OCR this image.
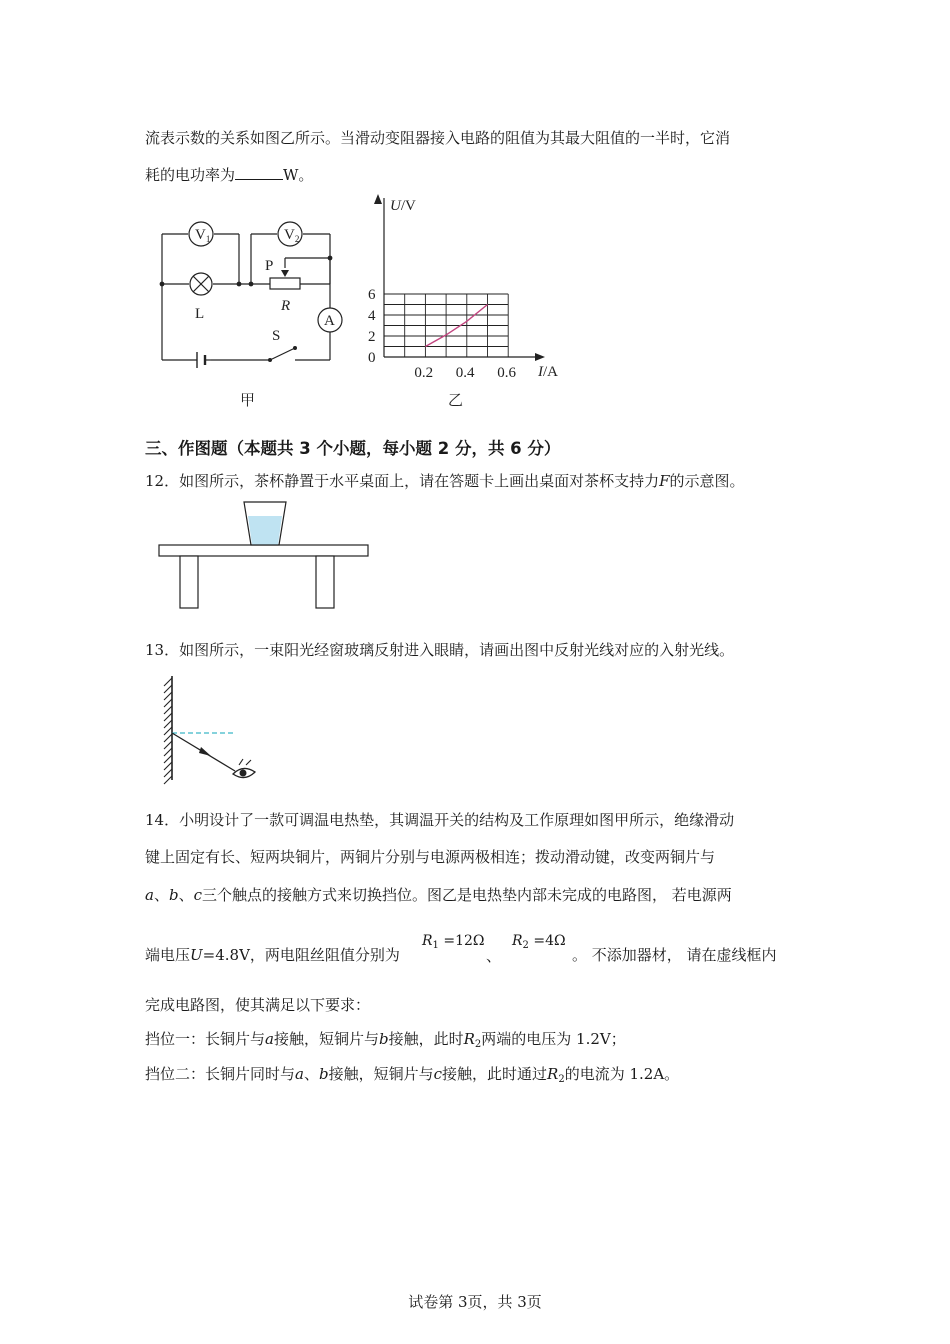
流表示数的关系如图乙所示。当滑动变阻器接入电路的阻值为其最大阻值的一半时，它消
耗的电功率为	W。
$V_1$	$V_2$
A
P
R
L
S
甲
0
2
4
6
0.2 0.4 0.6
U/V
I/A
乙
三、作图题（本题共 3 个小题，每小题 2 分，共 6 分）
12．如图所示，茶杯静置于水平桌面上，请在答题卡上画出桌面对茶杯支持力F的示意图。
13．如图所示，一束阳光经窗玻璃反射进入眼睛，请画出图中反射光线对应的入射光线。
14．小明设计了一款可调温电热垫，其调温开关的结构及工作原理如图甲所示，绝缘滑动
键上固定有长、短两块铜片，两铜片分别与电源两极相连；拨动滑动键，改变两铜片与
a、b、c三个触点的接触方式来切换挡位。图乙是电热垫内部未完成的电路图， 若电源两
端电压U=4.8V，两电阻丝阻值分别为
$R_1 =12\Omega$
、
$R_2 =4\Omega$
。 不添加器材， 请在虚线框内
完成电路图，使其满足以下要求：
挡位一：长铜片与a接触，短铜片与b接触，此时$R_2$两端的电压为 1.2V；
挡位二：长铜片同时与a、b接触，短铜片与c接触，此时通过$R_2$的电流为 1.2A。
试卷第 3页，共 3页
